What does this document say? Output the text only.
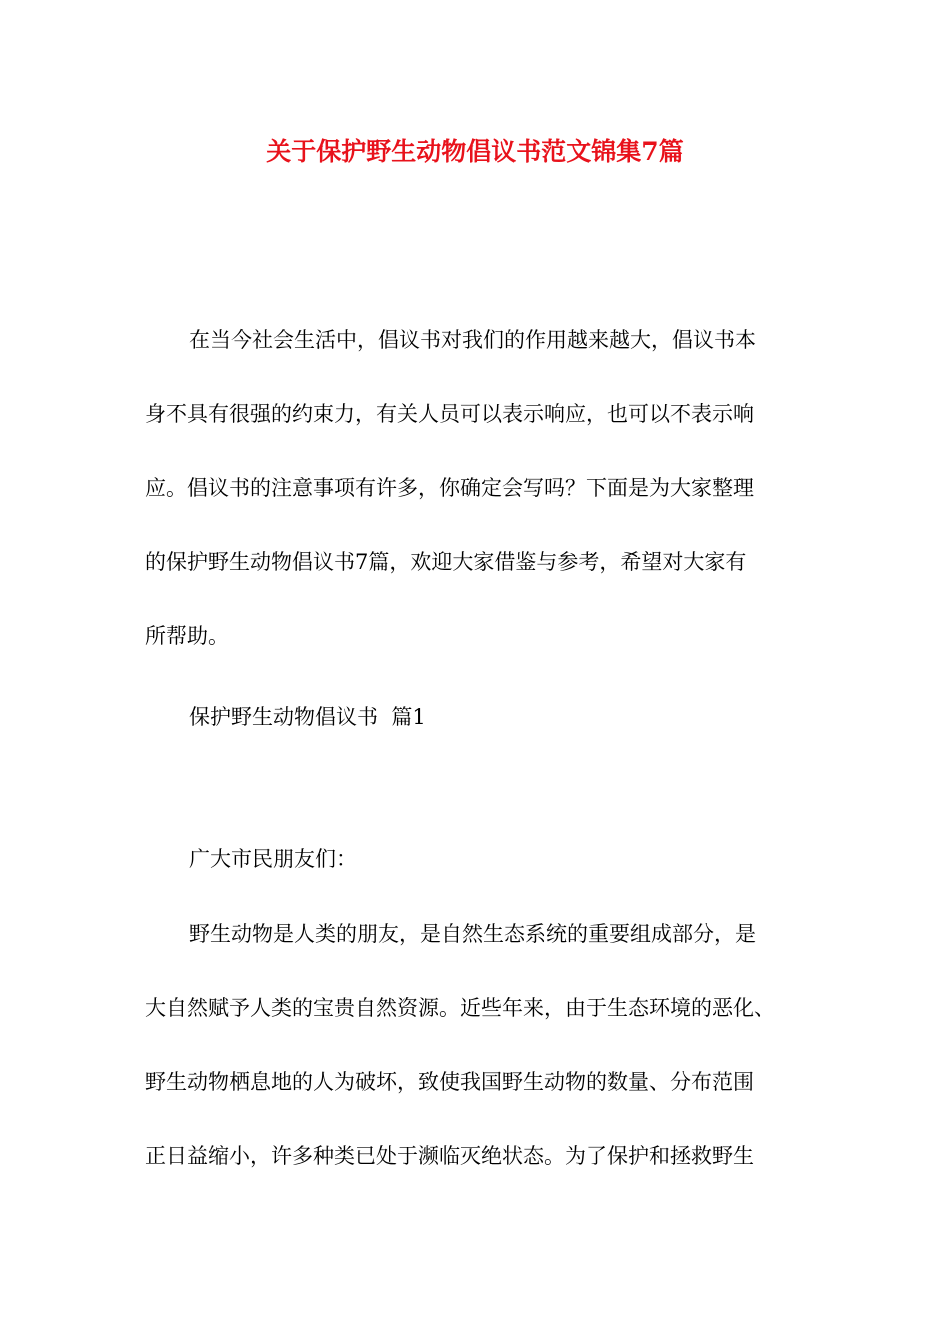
关于保护野生动物倡议书范文锦集7篇
在当今社会生活中，倡议书对我们的作用越来越大，倡议书本
身不具有很强的约束力，有关人员可以表示响应，也可以不表示响
应。倡议书的注意事项有许多，你确定会写吗？下面是为大家整理
的保护野生动物倡议书7篇，欢迎大家借鉴与参考，希望对大家有
所帮助。
保护野生动物倡议书  篇1
广大市民朋友们：
野生动物是人类的朋友，是自然生态系统的重要组成部分，是
大自然赋予人类的宝贵自然资源。近些年来，由于生态环境的恶化、
野生动物栖息地的人为破坏，致使我国野生动物的数量、分布范围
正日益缩小，许多种类已处于濒临灭绝状态。为了保护和拯救野生
